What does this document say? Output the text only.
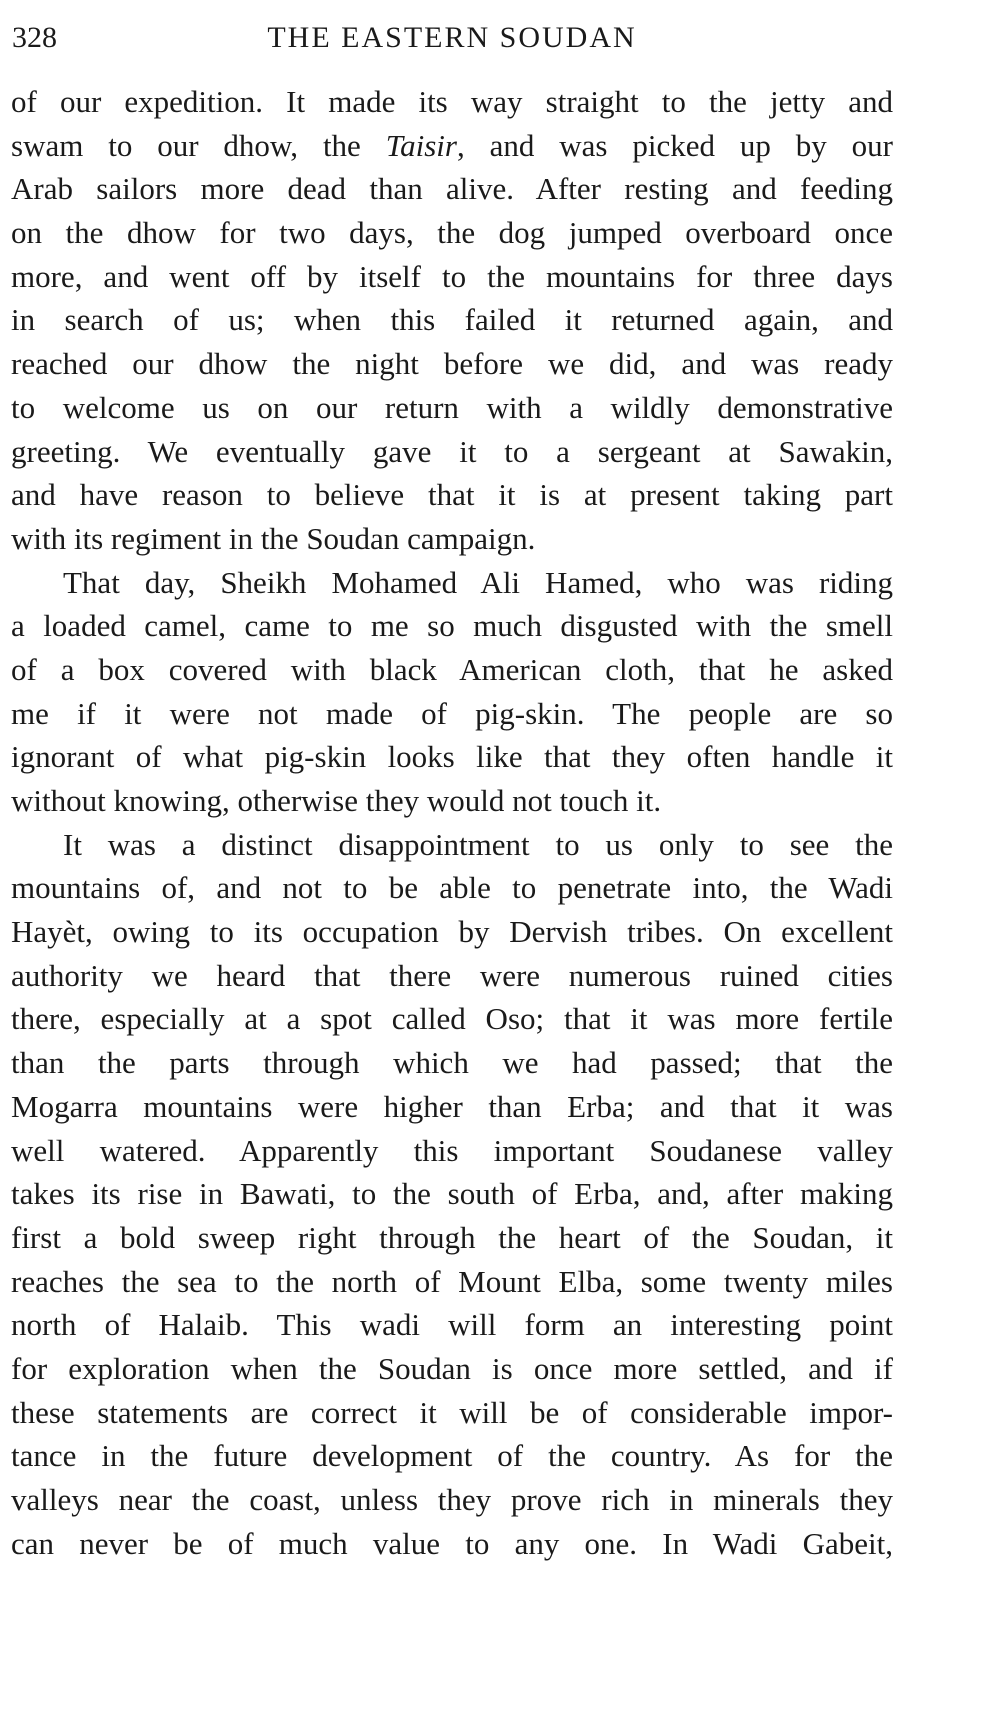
328	THE EASTERN SOUDAN
of our expedition. It made its way straight to the jetty and
swam to our dhow, the Taisir, and was picked up by our
Arab sailors more dead than alive. After resting and feeding
on the dhow for two days, the dog jumped overboard once
more, and went off by itself to the mountains for three days
in search of us; when this failed it returned again, and
reached our dhow the night before we did, and was ready
to welcome us on our return with a wildly demonstrative
greeting. We eventually gave it to a sergeant at Sawakin,
and have reason to believe that it is at present taking part
with its regiment in the Soudan campaign.
That day, Sheikh Mohamed Ali Hamed, who was riding
a loaded camel, came to me so much disgusted with the smell
of a box covered with black American cloth, that he asked
me if it were not made of pig-skin. The people are so
ignorant of what pig-skin looks like that they often handle it
without knowing, otherwise they would not touch it.
It was a distinct disappointment to us only to see the
mountains of, and not to be able to penetrate into, the Wadi
Hayèt, owing to its occupation by Dervish tribes. On excellent
authority we heard that there were numerous ruined cities
there, especially at a spot called Oso; that it was more fertile
than the parts through which we had passed; that the
Mogarra mountains were higher than Erba; and that it was
well watered. Apparently this important Soudanese valley
takes its rise in Bawati, to the south of Erba, and, after making
first a bold sweep right through the heart of the Soudan, it
reaches the sea to the north of Mount Elba, some twenty miles
north of Halaib. This wadi will form an interesting point
for exploration when the Soudan is once more settled, and if
these statements are correct it will be of considerable impor-
tance in the future development of the country. As for the
valleys near the coast, unless they prove rich in minerals they
can never be of much value to any one. In Wadi Gabeit,
